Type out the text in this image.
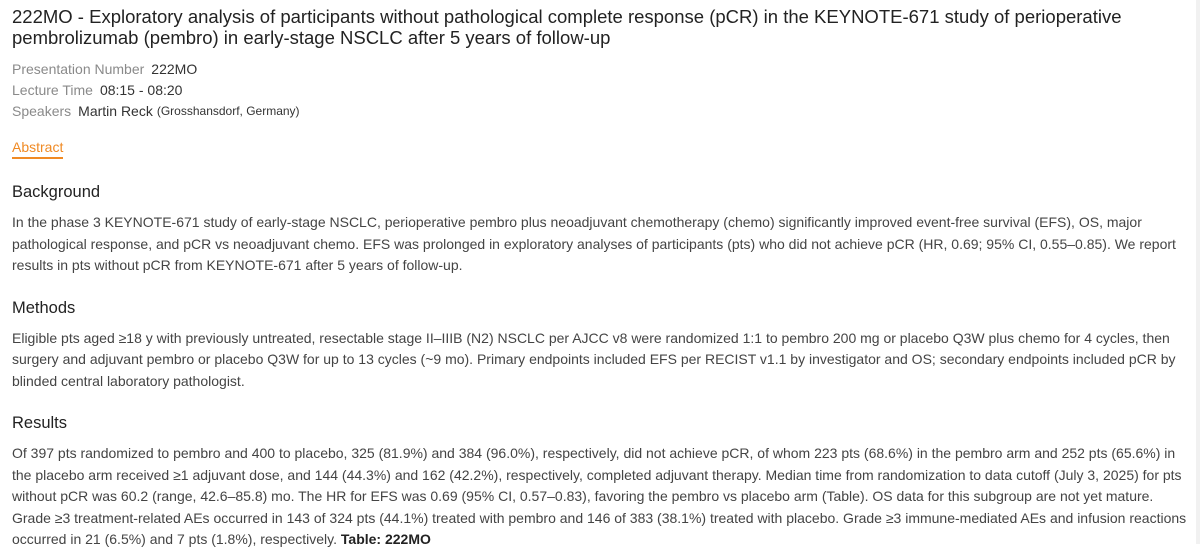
222MO - Exploratory analysis of participants without pathological complete response (pCR) in the KEYNOTE-671 study of perioperative pembrolizumab (pembro) in early-stage NSCLC after 5 years of follow-up
Presentation Number 222MO
Lecture Time 08:15 - 08:20
Speakers Martin Reck (Grosshansdorf, Germany)
Abstract
Background

In the phase 3 KEYNOTE-671 study of early-stage NSCLC, perioperative pembro plus neoadjuvant chemotherapy (chemo) significantly improved event-free survival (EFS), OS, major pathological response, and pCR vs neoadjuvant chemo. EFS was prolonged in exploratory analyses of participants (pts) who did not achieve pCR (HR, 0.69; 95% CI, 0.55–0.85). We report results in pts without pCR from KEYNOTE-671 after 5 years of follow-up.

Methods

Eligible pts aged ≥18 y with previously untreated, resectable stage II–IIIB (N2) NSCLC per AJCC v8 were randomized 1:1 to pembro 200 mg or placebo Q3W plus chemo for 4 cycles, then surgery and adjuvant pembro or placebo Q3W for up to 13 cycles (~9 mo). Primary endpoints included EFS per RECIST v1.1 by investigator and OS; secondary endpoints included pCR by blinded central laboratory pathologist.

Results

Of 397 pts randomized to pembro and 400 to placebo, 325 (81.9%) and 384 (96.0%), respectively, did not achieve pCR, of whom 223 pts (68.6%) in the pembro arm and 252 pts (65.6%) in the placebo arm received ≥1 adjuvant dose, and 144 (44.3%) and 162 (42.2%), respectively, completed adjuvant therapy. Median time from randomization to data cutoff (July 3, 2025) for pts without pCR was 60.2 (range, 42.6–85.8) mo. The HR for EFS was 0.69 (95% CI, 0.57–0.83), favoring the pembro vs placebo arm (Table). OS data for this subgroup are not yet mature. Grade ≥3 treatment-related AEs occurred in 143 of 324 pts (44.1%) treated with pembro and 146 of 383 (38.1%) treated with placebo. Grade ≥3 immune-mediated AEs and infusion reactions occurred in 21 (6.5%) and 7 pts (1.8%), respectively. Table: 222MO
